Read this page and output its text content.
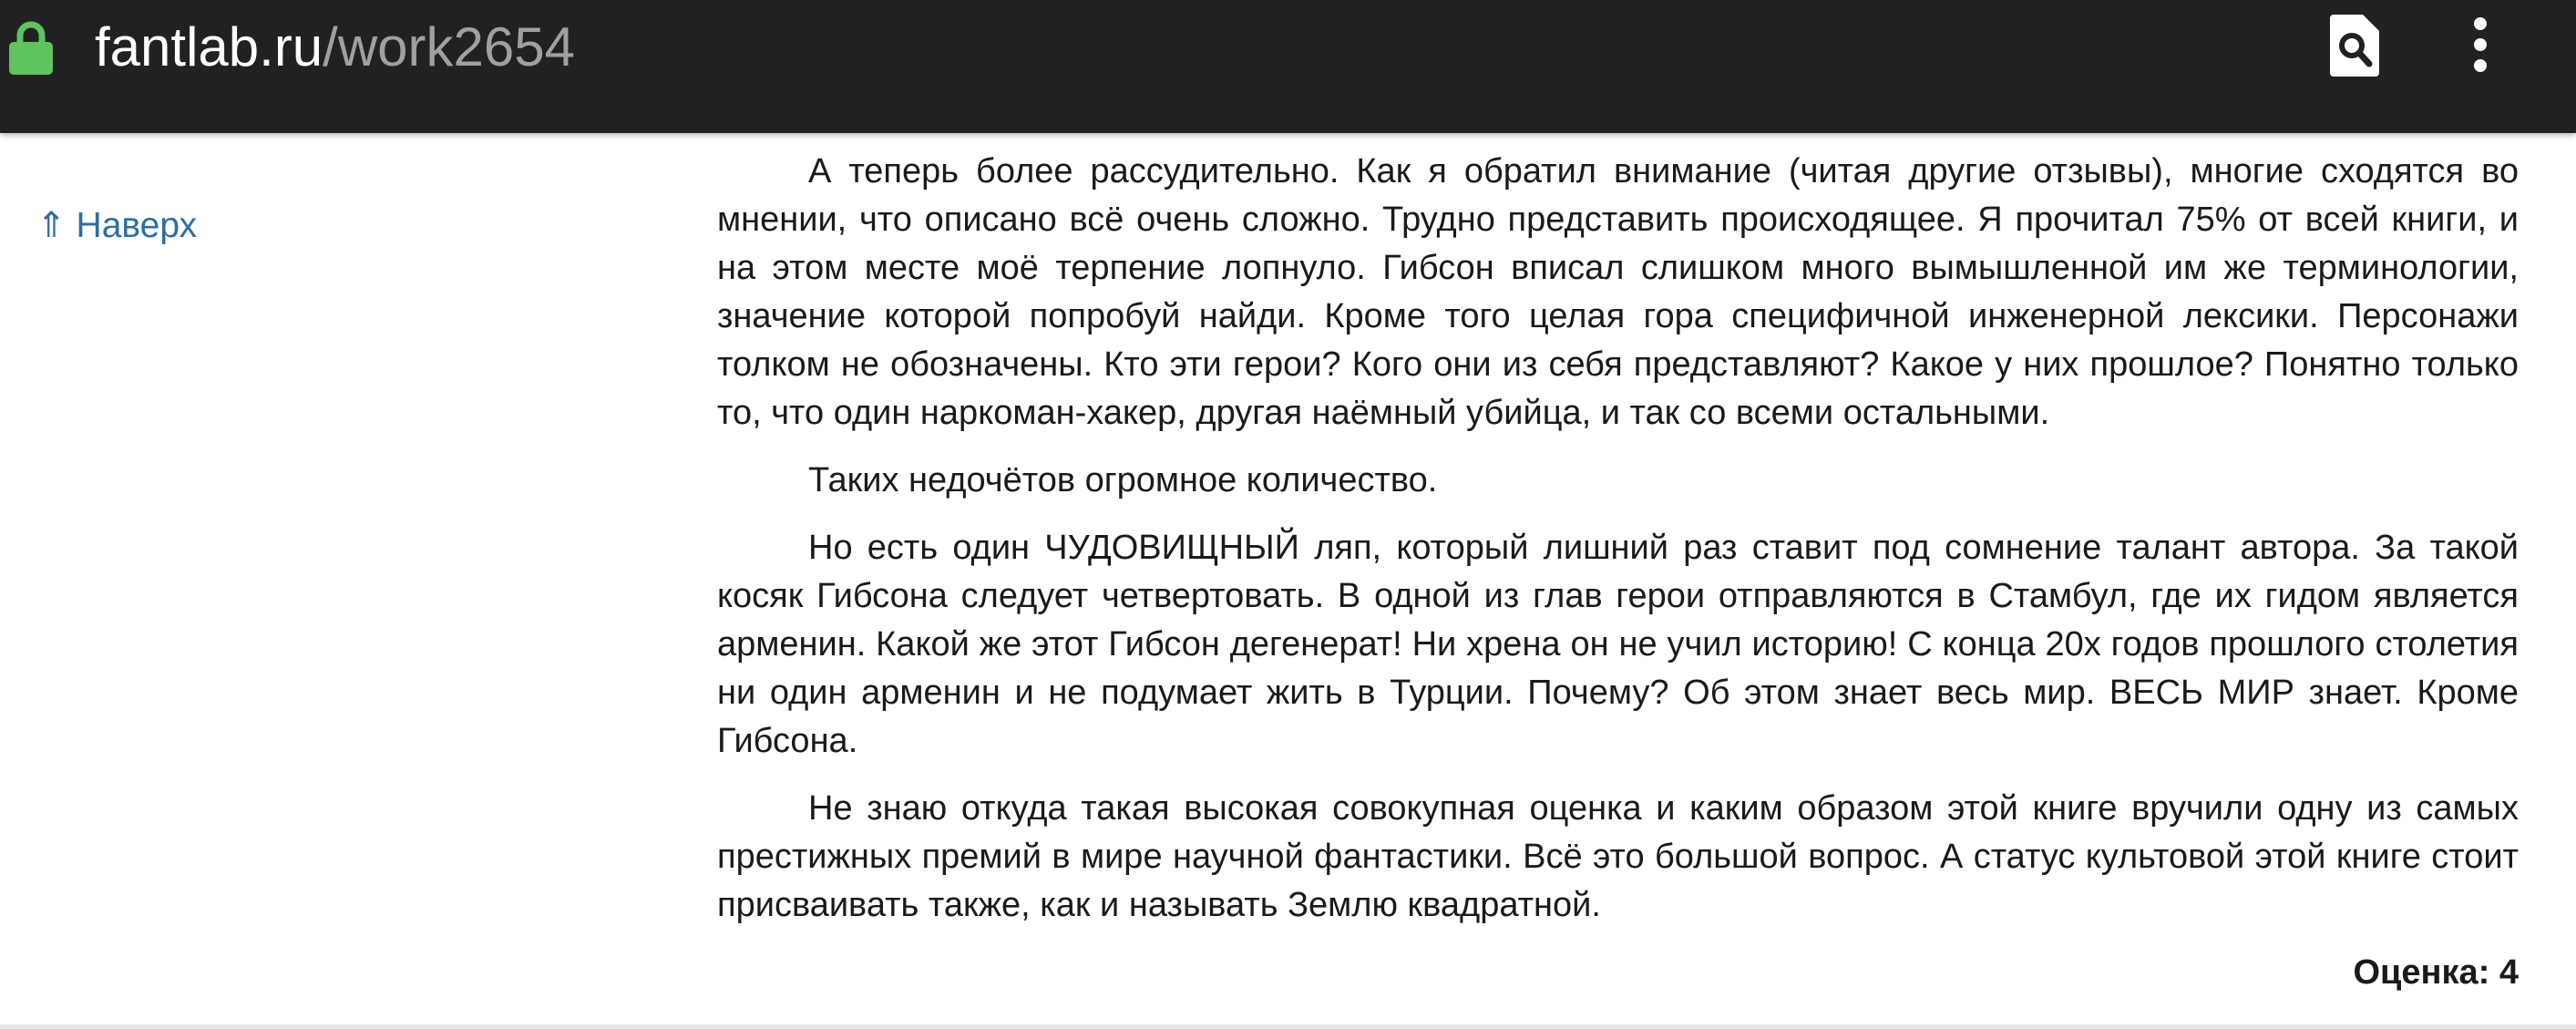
fantlab.ru/work2654
⇑ Наверх

А теперь более рассудительно. Как я обратил внимание (читая другие отзывы), многие сходятся во мнении, что описано всё очень сложно. Трудно представить происходящее. Я прочитал 75% от всей книги, и на этом месте моё терпение лопнуло. Гибсон вписал слишком много вымышленной им же терминологии, значение которой попробуй найди. Кроме того целая гора специфичной инженерной лексики. Персонажи толком не обозначены. Кто эти герои? Кого они из себя представляют? Какое у них прошлое? Понятно только то, что один наркоман-хакер, другая наёмный убийца, и так со всеми остальными.

Таких недочётов огромное количество.

Но есть один ЧУДОВИЩНЫЙ ляп, который лишний раз ставит под сомнение талант автора. За такой косяк Гибсона следует четвертовать. В одной из глав герои отправляются в Стамбул, где их гидом является арменин. Какой же этот Гибсон дегенерат! Ни хрена он не учил историю! С конца 20х годов прошлого столетия ни один арменин и не подумает жить в Турции. Почему? Об этом знает весь мир. ВЕСЬ МИР знает. Кроме Гибсона.

Не знаю откуда такая высокая совокупная оценка и каким образом этой книге вручили одну из самых престижных премий в мире научной фантастики. Всё это большой вопрос. А статус культовой этой книге стоит присваивать также, как и называть Землю квадратной.

Оценка: 4
